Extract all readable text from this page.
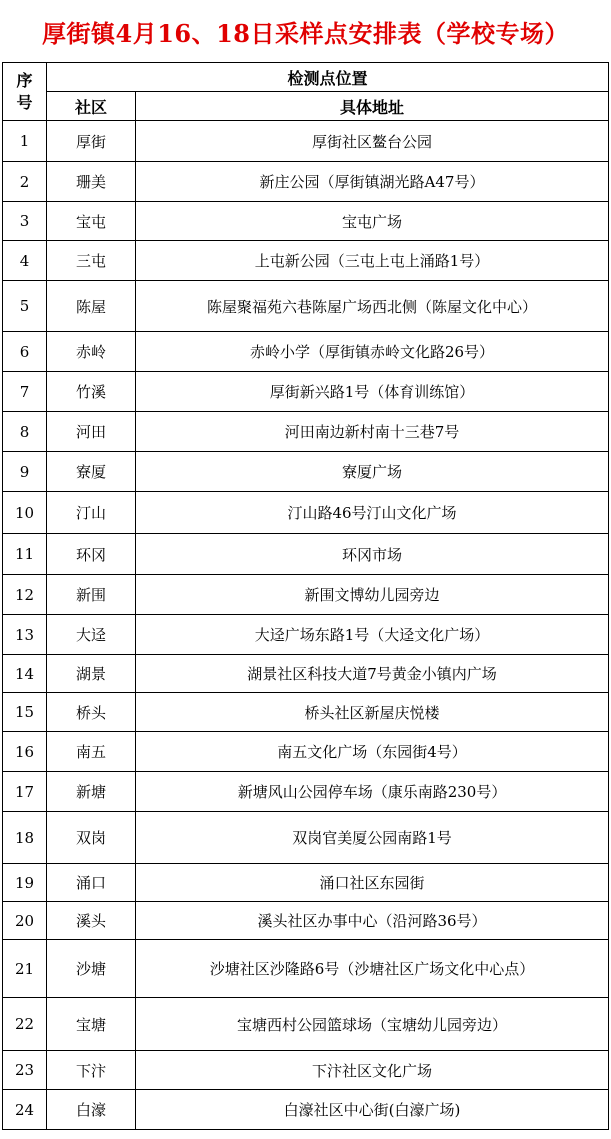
厚街镇4月16、18日采样点安排表（学校专场）
序
号	检测点位置	
	社区	具体地址
1	厚街	厚街社区鳌台公园
2	珊美	新庄公园（厚街镇湖光路A47号）
3	宝屯	宝屯广场
4	三屯	上屯新公园（三屯上屯上涌路1号）
5	陈屋	陈屋聚福苑六巷陈屋广场西北侧（陈屋文化中心）
6	赤岭	赤岭小学（厚街镇赤岭文化路26号）
7	竹溪	厚街新兴路1号（体育训练馆）
8	河田	河田南边新村南十三巷7号
9	寮厦	寮厦广场
10	汀山	汀山路46号汀山文化广场
11	环冈	环冈市场
12	新围	新围文博幼儿园旁边
13	大迳	大迳广场东路1号（大迳文化广场）
14	湖景	湖景社区科技大道7号黄金小镇内广场
15	桥头	桥头社区新屋庆悦楼
16	南五	南五文化广场（东园街4号）
17	新塘	新塘风山公园停车场（康乐南路230号）
18	双岗	双岗官美厦公园南路1号
19	涌口	涌口社区东园街
20	溪头	溪头社区办事中心（沿河路36号）
21	沙塘	沙塘社区沙隆路6号（沙塘社区广场文化中心点）
22	宝塘	宝塘西村公园篮球场（宝塘幼儿园旁边）
23	下汴	下汴社区文化广场
24	白濠	白濠社区中心街(白濠广场)
